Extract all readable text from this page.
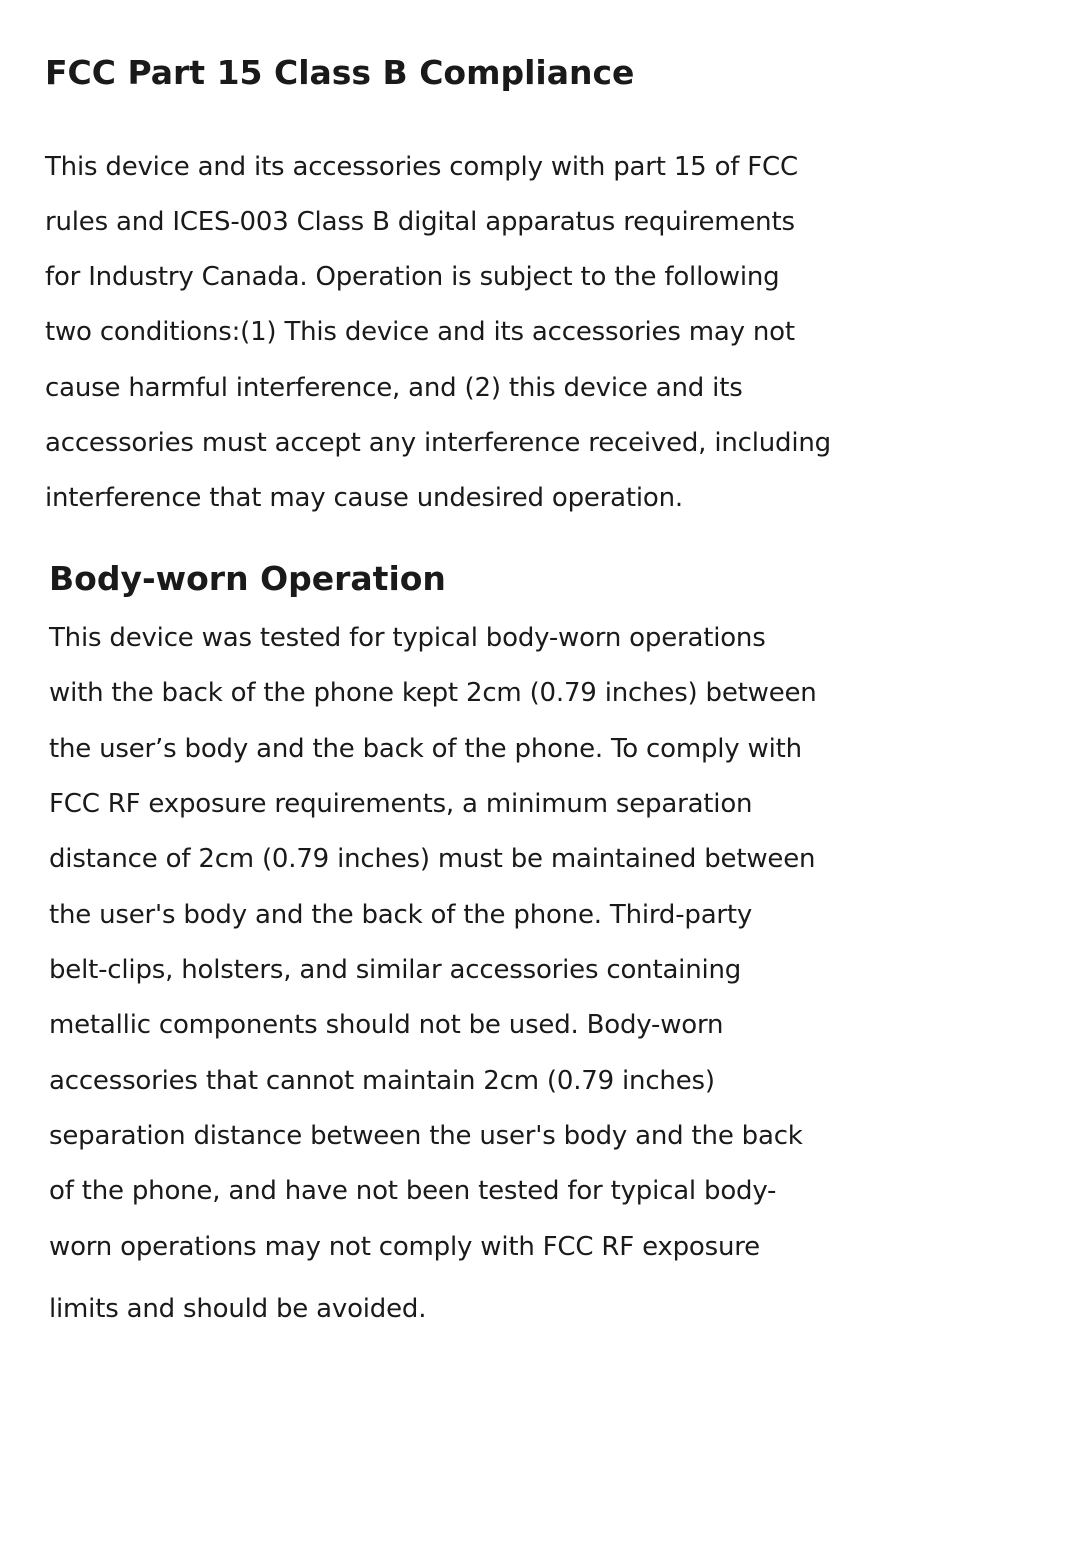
FCC Part 15 Class B Compliance
This device and its accessories comply with part 15 of FCC
rules and ICES-003 Class B digital apparatus requirements
for Industry Canada. Operation is subject to the following
two conditions:(1) This device and its accessories may not
cause harmful interference, and (2) this device and its
accessories must accept any interference received, including
interference that may cause undesired operation.
Body-worn Operation
This device was tested for typical body-worn operations
with the back of the phone kept 2cm (0.79 inches) between
the user’s body and the back of the phone. To comply with
FCC RF exposure requirements, a minimum separation
distance of 2cm (0.79 inches) must be maintained between
the user's body and the back of the phone. Third-party
belt-clips, holsters, and similar accessories containing
metallic components should not be used. Body-worn
accessories that cannot maintain 2cm (0.79 inches)
separation distance between the user's body and the back
of the phone, and have not been tested for typical body-
worn operations may not comply with FCC RF exposure
limits and should be avoided.
